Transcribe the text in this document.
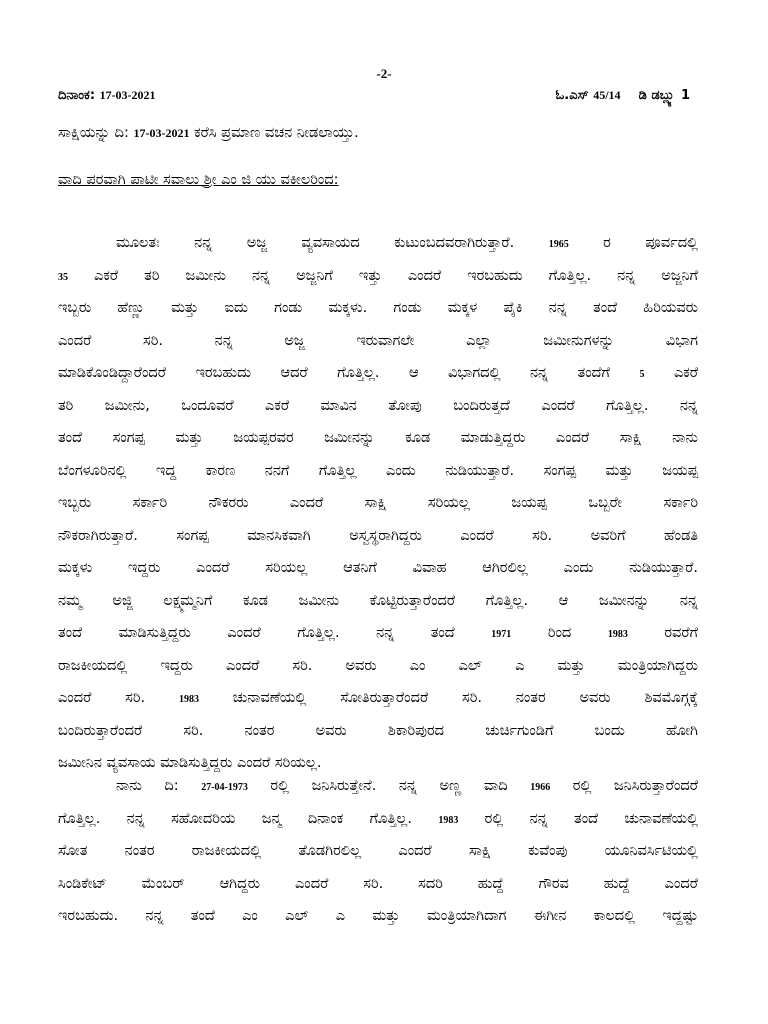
-2-
ದಿನಾಂಕ: 17-03-2021	ಓ.ಎಸ್ 45/14 ಡಿ ಡಬ್ಲ್ಯು 1
ಸಾಕ್ಷಿಯನ್ನು ದಿ: 17-03-2021 ಕರೆಸಿ ಪ್ರಮಾಣ ವಚನ ನೀಡಲಾಯ್ತು.
ವಾದಿ ಪರವಾಗಿ ಪಾಟೀ ಸವಾಲು ಶ್ರೀ ಎಂ ಜಿ ಯು ವಕೀಲರಿಂದ:
ಮೂಲತಃ ನನ್ನ ಅಜ್ಜ ವ್ಯವಸಾಯದ ಕುಟುಂಬದವರಾಗಿರುತ್ತಾರೆ.	1965 ರ ಪೂರ್ವದಲ್ಲಿ
35 ಎಕರೆ ತರಿ ಜಮೀನು ನನ್ನ ಅಜ್ಜನಿಗೆ ಇತ್ತು ಎಂದರೆ ಇರಬಹುದು ಗೊತ್ತಿಲ್ಲ. ನನ್ನ ಅಜ್ಜನಿಗೆ
ಇಬ್ಬರು ಹೆಣ್ಣು ಮತ್ತು ಐದು ಗಂಡು ಮಕ್ಕಳು. ಗಂಡು ಮಕ್ಕಳ ಪೈಕಿ ನನ್ನ ತಂದೆ ಹಿರಿಯವರು
ಎಂದರೆ ಸರಿ. ನನ್ನ ಅಜ್ಜ ಇರುವಾಗಲೇ ಎಲ್ಲಾ ಜಮೀನುಗಳನ್ನು ವಿಭಾಗ
ಮಾಡಿಕೊಂಡಿದ್ದಾರೆಂದರೆ ಇರಬಹುದು ಆದರೆ ಗೊತ್ತಿಲ್ಲ. ಆ ವಿಭಾಗದಲ್ಲಿ ನನ್ನ ತಂದೆಗೆ	5 ಎಕರೆ
ತರಿ ಜಮೀನು, ಒಂದೂವರೆ ಎಕರೆ ಮಾವಿನ ತೋಪು ಬಂದಿರುತ್ತದೆ ಎಂದರೆ ಗೊತ್ತಿಲ್ಲ. ನನ್ನ
ತಂದೆ ಸಂಗಪ್ಪ ಮತ್ತು ಜಯಪ್ಪರವರ ಜಮೀನನ್ನು ಕೂಡ ಮಾಡುತ್ತಿದ್ದರು ಎಂದರೆ ಸಾಕ್ಷಿ ನಾನು
ಬೆಂಗಳೂರಿನಲ್ಲಿ ಇದ್ದ ಕಾರಣ ನನಗೆ ಗೊತ್ತಿಲ್ಲ ಎಂದು ನುಡಿಯುತ್ತಾರೆ. ಸಂಗಪ್ಪ ಮತ್ತು ಜಯಪ್ಪ
ಇಬ್ಬರು ಸರ್ಕಾರಿ ನೌಕರರು ಎಂದರೆ ಸಾಕ್ಷಿ ಸರಿಯಲ್ಲ ಜಯಪ್ಪ ಒಬ್ಬರೇ ಸರ್ಕಾರಿ
ನೌಕರಾಗಿರುತ್ತಾರೆ. ಸಂಗಪ್ಪ ಮಾನಸಿಕವಾಗಿ ಅಸ್ವಸ್ಥರಾಗಿದ್ದರು ಎಂದರೆ ಸರಿ. ಅವರಿಗೆ ಹೆಂಡತಿ
ಮಕ್ಕಳು ಇದ್ದರು ಎಂದರೆ ಸರಿಯಲ್ಲ ಆತನಿಗೆ ವಿವಾಹ ಆಗಿರಲಿಲ್ಲ ಎಂದು ನುಡಿಯುತ್ತಾರೆ.
ನಮ್ಮ ಅಜ್ಜಿ ಲಕ್ಷ್ಮಮ್ಮನಿಗೆ ಕೂಡ ಜಮೀನು ಕೊಟ್ಟಿರುತ್ತಾರೆಂದರೆ ಗೊತ್ತಿಲ್ಲ. ಆ ಜಮೀನನ್ನು ನನ್ನ
ತಂದೆ ಮಾಡಿಸುತ್ತಿದ್ದರು ಎಂದರೆ ಗೊತ್ತಿಲ್ಲ. ನನ್ನ ತಂದೆ	1971	ರಿಂದ	1983	ರವರೆಗೆ
ರಾಜಕೀಯದಲ್ಲಿ ಇದ್ದರು ಎಂದರೆ ಸರಿ. ಅವರು ಎಂ ಎಲ್ ಎ ಮತ್ತು ಮಂತ್ರಿಯಾಗಿದ್ದರು
ಎಂದರೆ ಸರಿ.	1983 ಚುನಾವಣೆಯಲ್ಲಿ ಸೋತಿರುತ್ತಾರೆಂದರೆ ಸರಿ. ನಂತರ ಅವರು ಶಿವಮೊಗ್ಗಕ್ಕೆ
ಬಂದಿರುತ್ತಾರೆಂದರೆ ಸರಿ. ನಂತರ ಅವರು ಶಿಕಾರಿಪುರದ ಚುರ್ಚಿಗುಂಡಿಗೆ ಬಂದು ಹೋಗಿ
ಜಮೀನಿನ ವ್ಯವಸಾಯ ಮಾಡಿಸುತ್ತಿದ್ದರು ಎಂದರೆ ಸರಿಯಲ್ಲ.
ನಾನು ದಿ: 27-04-1973 ರಲ್ಲಿ ಜನಿಸಿರುತ್ತೇನೆ. ನನ್ನ ಅಣ್ಣ ವಾದಿ 1966 ರಲ್ಲಿ ಜನಿಸಿರುತ್ತಾರೆಂದರೆ
ಗೊತ್ತಿಲ್ಲ. ನನ್ನ ಸಹೋದರಿಯ ಜನ್ಮ ದಿನಾಂಕ ಗೊತ್ತಿಲ್ಲ.	1983 ರಲ್ಲಿ ನನ್ನ ತಂದೆ ಚುನಾವಣೆಯಲ್ಲಿ
ಸೋತ ನಂತರ ರಾಜಕೀಯದಲ್ಲಿ ತೊಡಗಿರಲಿಲ್ಲ ಎಂದರೆ ಸಾಕ್ಷಿ ಕುವೆಂಪು ಯೂನಿವರ್ಸಿಟಿಯಲ್ಲಿ
ಸಿಂಡಿಕೇಟ್ ಮೆಂಬರ್ ಆಗಿದ್ದರು ಎಂದರೆ ಸರಿ. ಸದರಿ ಹುದ್ದೆ ಗೌರವ ಹುದ್ದೆ ಎಂದರೆ
ಇರಬಹುದು. ನನ್ನ ತಂದೆ ಎಂ ಎಲ್ ಎ ಮತ್ತು ಮಂತ್ರಿಯಾಗಿದಾಗ ಈಗೀನ ಕಾಲದಲ್ಲಿ ಇದ್ದಷ್ಟು
